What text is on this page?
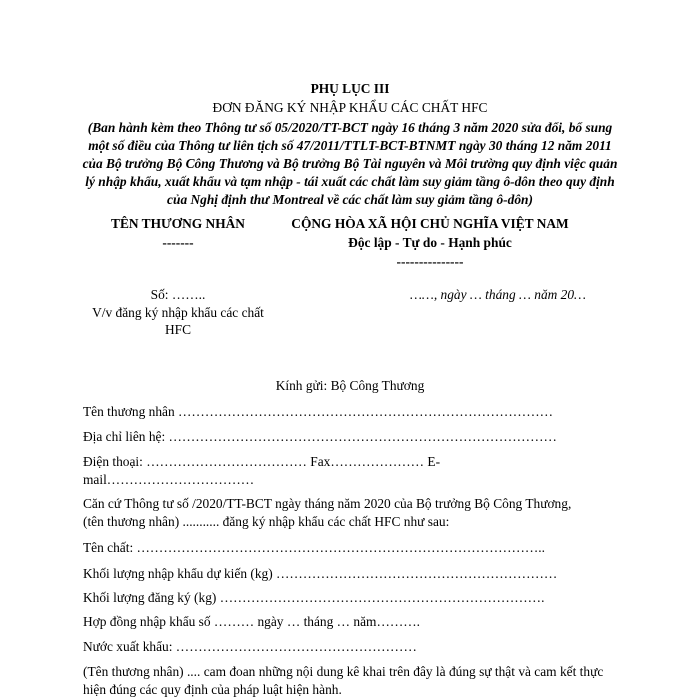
PHỤ LỤC III
ĐƠN ĐĂNG KÝ NHẬP KHẨU CÁC CHẤT HFC
(Ban hành kèm theo Thông tư số 05/2020/TT-BCT ngày 16 tháng 3 năm 2020 sửa đổi, bổ sung
một số điều của Thông tư liên tịch số 47/2011/TTLT-BCT-BTNMT ngày 30 tháng 12 năm 2011
của Bộ trưởng Bộ Công Thương và Bộ trưởng Bộ Tài nguyên và Môi trường quy định việc quản
lý nhập khẩu, xuất khẩu và tạm nhập - tái xuất các chất làm suy giảm tầng ô-dôn theo quy định
của Nghị định thư Montreal về các chất làm suy giảm tầng ô-dôn)
TÊN THƯƠNG NHÂN
-------
Số: ……..
V/v đăng ký nhập khẩu các chất
HFC
CỘNG HÒA XÃ HỘI CHỦ NGHĨA VIỆT NAM
Độc lập - Tự do - Hạnh phúc
---------------
……, ngày … tháng … năm 20…
Kính gửi: Bộ Công Thương
Tên thương nhân …………………………………………………………………………
Địa chỉ liên hệ: ……………………………………………………………………………
Điện thoại: ……………………………… Fax………………… E-
mail……………………………
Căn cứ Thông tư số /2020/TT-BCT ngày tháng năm 2020 của Bộ trưởng Bộ Công Thương,
(tên thương nhân) ........... đăng ký nhập khẩu các chất HFC như sau:
Tên chất: ………………………………………………………………………………..
Khối lượng nhập khẩu dự kiến (kg) ………………………………………………………
Khối lượng đăng ký (kg) ……………………………………………………………….
Hợp đồng nhập khẩu số ……… ngày … tháng … năm……….
Nước xuất khẩu: ………………………………………………
(Tên thương nhân) .... cam đoan những nội dung kê khai trên đây là đúng sự thật và cam kết thực
hiện đúng các quy định của pháp luật hiện hành.
